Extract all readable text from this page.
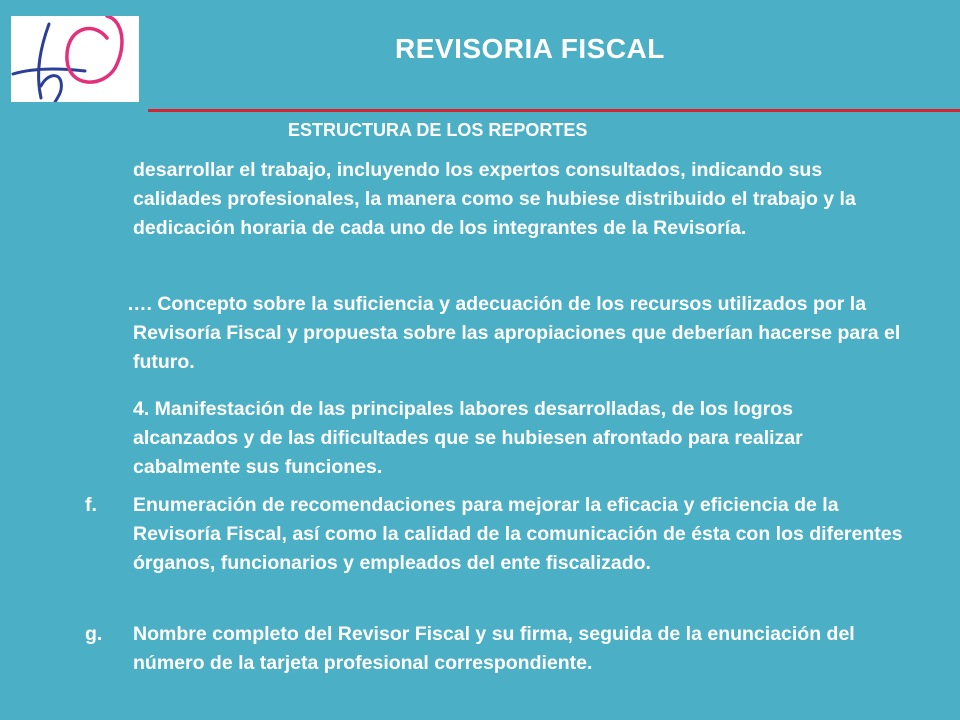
REVISORIA FISCAL
ESTRUCTURA DE LOS REPORTES

desarrollar el trabajo, incluyendo los expertos consultados, indicando sus calidades profesionales, la manera como se hubiese distribuido el trabajo y la dedicación horaria de cada uno de los integrantes de la Revisoría.

…. Concepto sobre la suficiencia y adecuación de los recursos utilizados por la Revisoría Fiscal y propuesta sobre las apropiaciones que deberían hacerse para el futuro.

4. Manifestación de las principales labores desarrolladas, de los logros alcanzados y de las dificultades que se hubiesen afrontado para realizar cabalmente sus funciones.

f. Enumeración de recomendaciones para mejorar la eficacia y eficiencia de la Revisoría Fiscal, así como la calidad de la comunicación de ésta con los diferentes órganos, funcionarios y empleados del ente fiscalizado.

g. Nombre completo del Revisor Fiscal y su firma, seguida de la enunciación del número de la tarjeta profesional correspondiente.
